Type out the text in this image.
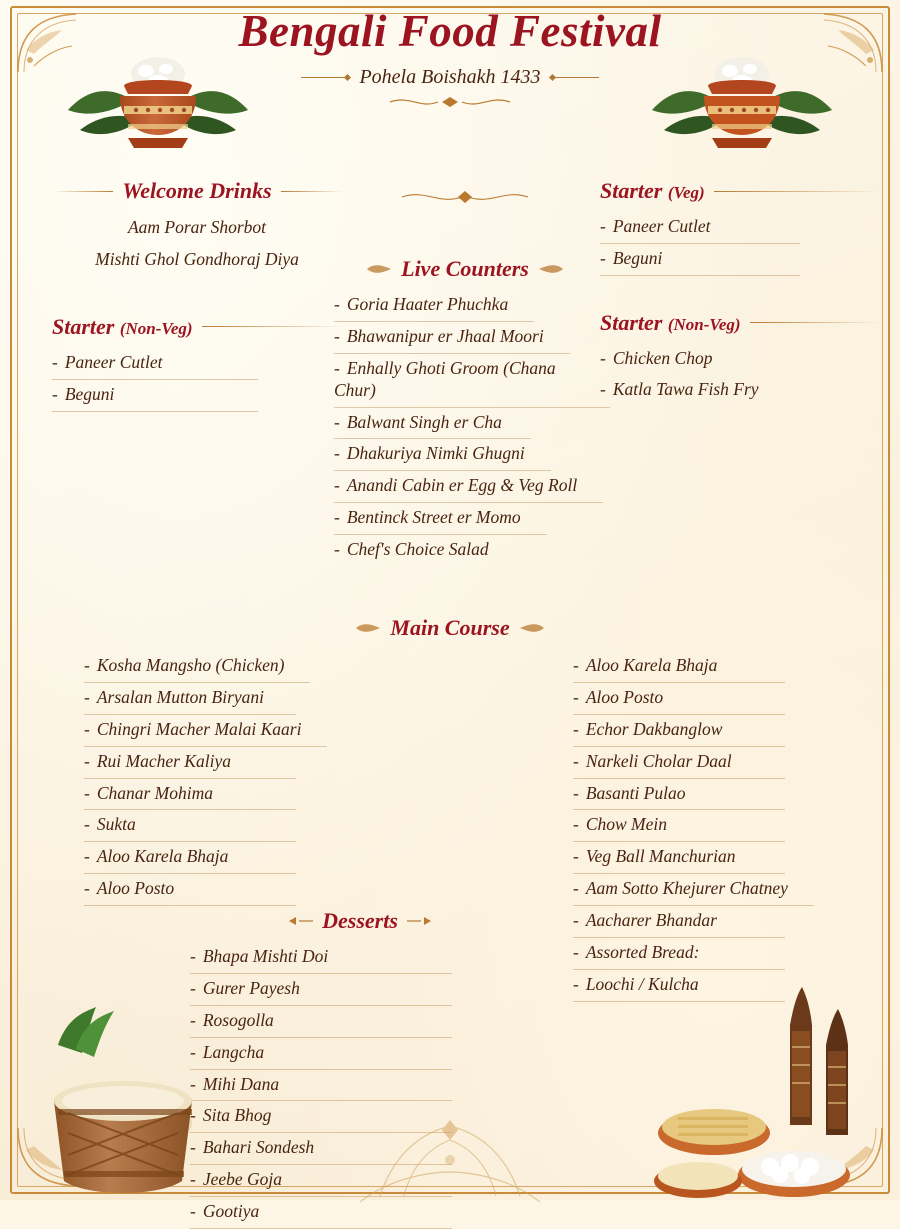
Bengali Food Festival
Pohela Boishakh 1433
Welcome Drinks
Aam Porar Shorbot
Mishti Ghol Gondhoraj Diya
Starter (Non-Veg)
- Paneer Cutlet - Beguni
Live Counters
- Goria Haater Phuchka - Bhawanipur er Jhaal Moori - Enhally Ghoti Groom (Chana Chur) - Balwant Singh er Cha - Dhakuriya Nimki Ghugni - Anandi Cabin er Egg & Veg Roll - Bentinck Street er Momo - Chef's Choice Salad
Starter (Veg)
- Paneer Cutlet - Beguni
Starter (Non-Veg)
- Chicken Chop
- Katla Tawa Fish Fry
Main Course
- Kosha Mangsho (Chicken) - Arsalan Mutton Biryani - Chingri Macher Malai Kaari - Rui Macher Kaliya - Chanar Mohima - Sukta - Aloo Karela Bhaja - Aloo Posto
- Aloo Karela Bhaja - Aloo Posto - Echor Dakbanglow - Narkeli Cholar Daal - Basanti Pulao - Chow Mein - Veg Ball Manchurian - Aam Sotto Khejurer Chatney - Aacharer Bhandar - Assorted Bread: - Loochi / Kulcha
Desserts
- Bhapa Mishti Doi - Gurer Payesh - Rosogolla - Langcha - Mihi Dana - Sita Bhog - Bahari Sondesh - Jeebe Goja - Gootiya
